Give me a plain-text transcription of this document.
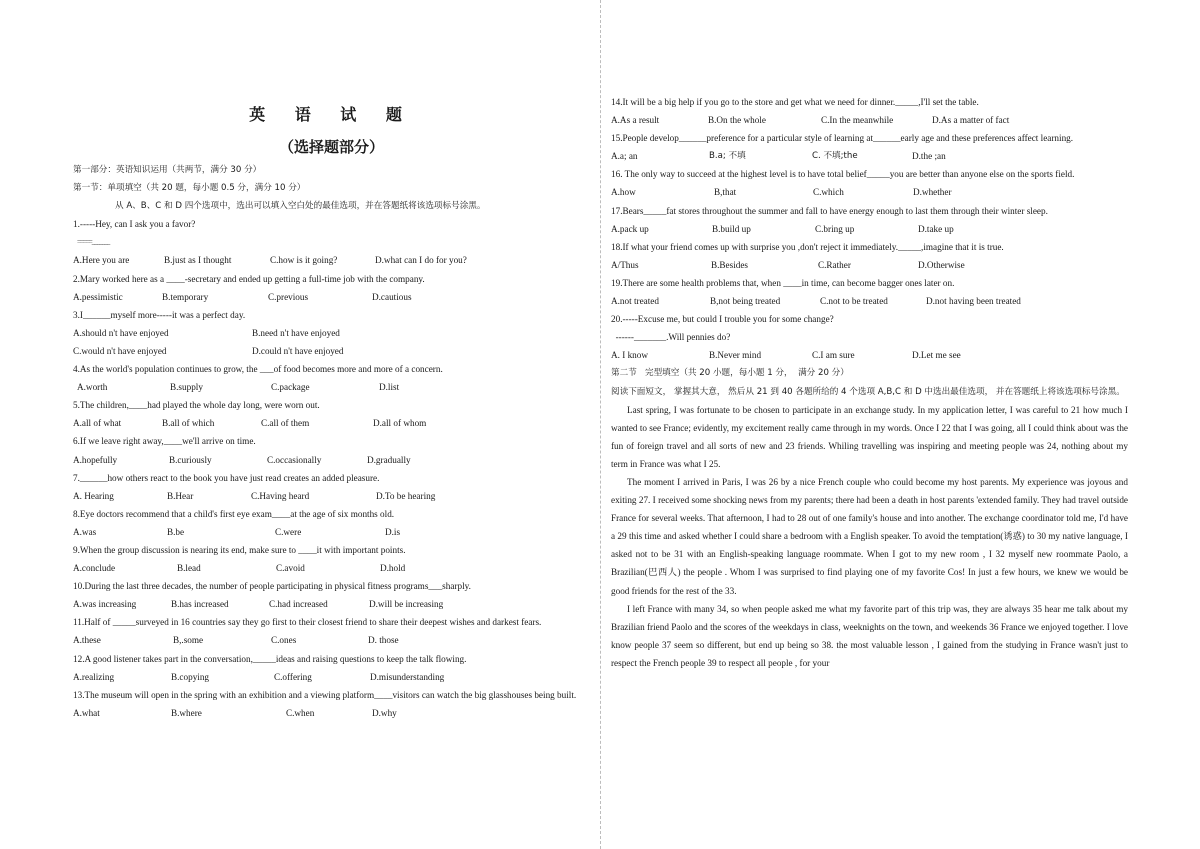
英 语 试 题
（选择题部分）
第一部分：英语知识运用（共两节，满分 30 分）
第一节：单项填空（共 20 题，每小题 0.5 分，满分 10 分）
从 A、B、C 和 D 四个选项中，选出可以填入空白处的最佳选项，并在答题纸将该选项标号涂黑。
1.-----Hey, can I ask you a favor?
=====_______
A.Here you are	B.just as I thought	C.how is it going?	D.what can I do for you?
2.Mary worked here as a ____-secretary and ended up getting a full-time job with the company.
A.pessimistic	B.temporary	C.previous	D.cautious
3.I______myself more-----it was a perfect day.
A.should n't have enjoyed	B.need n't have enjoyed
C.would n't have enjoyed	D.could n't have enjoyed
4.As the world's population continues to grow, the ___of food becomes more and more of a concern.
A.worth	B.supply	C.package	D.list
5.The children,____had played the whole day long, were worn out.
A.all of what	B.all of which	C.all of them	D.all of whom
6.If we leave right away,____we'll arrive on time.
A.hopefully	B.curiously	C.occasionally	D.gradually
7.______how others react to the book you have just read creates an added pleasure.
A. Hearing	B.Hear	C.Having heard	D.To be hearing
8.Eye doctors recommend that a child's first eye exam____at the age of six months old.
A.was	B.be	C.were	D.is
9.When the group discussion is nearing its end, make sure to ____it with important points.
A.conclude	B.lead	C.avoid	D.hold
10.During the last three decades, the number of people participating in physical fitness programs___sharply.
A.was increasing	B.has increased	C.had increased	D.will be increasing
11.Half of _____surveyed in 16 countries say they go first to their closest friend to share their deepest wishes and darkest fears.
A.these	B,.some	C.ones	D. those
12.A good listener takes part in the conversation,_____ideas and raising questions to keep the talk flowing.
A.realizing	B.copying	C.offering	D.misunderstanding
13.The museum will open in the spring with an exhibition and a viewing platform____visitors can watch the big glasshouses being built.
A.what	B.where	C.when	D.why
14.It will be a big help if you go to the store and get what we need for dinner._____,I'll set the table.
A.As a result	B.On the whole	C.In the meanwhile	D.As a matter of fact
15.People develop______preference for a particular style of learning at______early age and these preferences affect learning.
A.a; an	B.a; 不填	C. 不填;the	D.the ;an
16. The only way to succeed at the highest level is to have total belief_____you are better than anyone else on the sports field.
A.how	B,that	C.which	D.whether
17.Bears_____fat stores throughout the summer and fall to have energy enough to last them through their winter sleep.
A.pack up	B.build up	C.bring up	D.take up
18.If what your friend comes up with surprise you ,don't reject it immediately._____,imagine that it is true.
A/Thus	B.Besides	C.Rather	D.Otherwise
19.There are some health problems that, when ____in time, can become bagger ones later on.
A.not treated	B,not being treated	C.not to be treated	D.not having been treated
20.-----Excuse me, but could I trouble you for some change?
------_______.Will pennies do?
A. I know	B.Never mind	C.I am sure	D.Let me see
第二节   完型填空（共 20 小题，每小题 1 分，  满分 20 分）
阅读下面短文， 掌握其大意， 然后从 21 到 40 各题所给的 4 个选项 A,B,C 和 D 中选出最佳选项， 并在答题纸上将该选项标号涂黑。
Last spring, I was fortunate to be chosen to participate in an exchange study. In my application letter, I was careful to 21 how much I wanted to see France; evidently, my excitement really came through in my words. Once I 22 that I was going, all I could think about was the fun of foreign travel and all sorts of new and 23 friends. Whiling travelling was inspiring and meeting people was 24, nothing about my term in France was what I 25.
The moment I arrived in Paris, I was 26 by a nice French couple who could become my host parents. My experience was joyous and exiting 27. I received some shocking news from my parents; there had been a death in host parents 'extended family. They had travel outside France for several weeks. That afternoon, I had to 28 out of one family's house and into another. The exchange coordinator told me, I'd have a 29 this time and asked whether I could share a bedroom with a English speaker. To avoid the temptation(诱惑) to 30 my native language, I asked not to be 31 with an English-speaking language roommate. When I got to my new room , I 32 myself new roommate Paolo, a Brazilian(巴西人) the people . Whom I was surprised to find playing one of my favorite Cos! In just a few hours, we knew we would be good friends for the rest of the 33.
I left France with many 34, so when people asked me what my favorite part of this trip was, they are always 35 hear me talk about my Brazilian friend Paolo and the scores of the weekdays in class, weeknights on the town, and weekends 36 France we enjoyed together. I love know people 37 seem so different, but end up being so 38. the most valuable lesson , I gained from the studying in France wasn't just to respect the French people 39 to respect all people , for your
